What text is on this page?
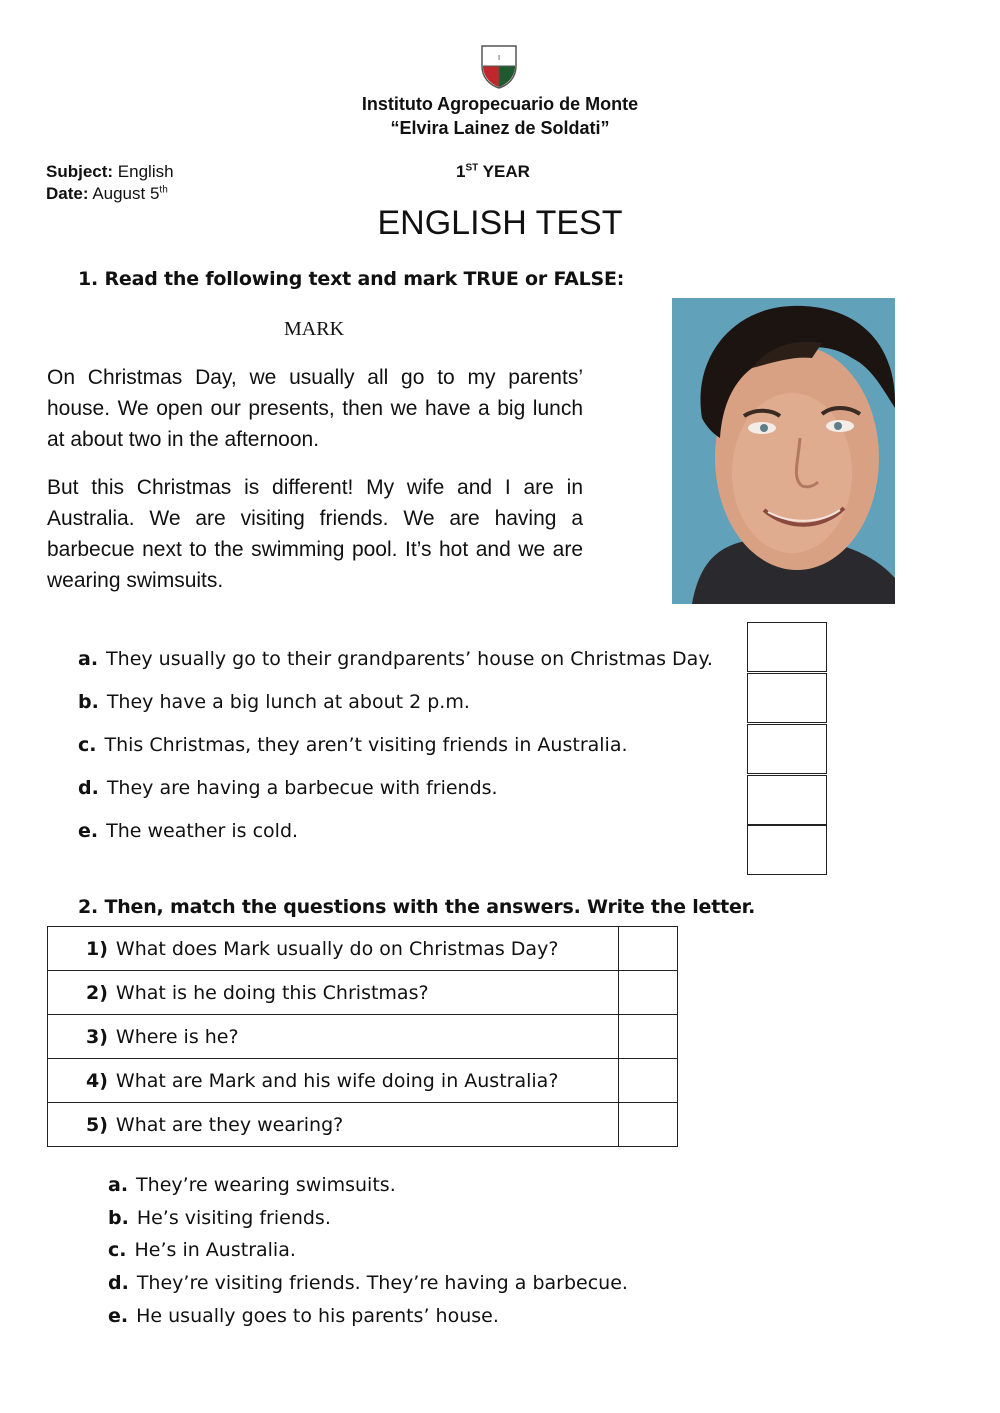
I
Instituto Agropecuario de Monte
“Elvira Lainez de Soldati”
Subject: English
Date: August 5th
1ST YEAR
ENGLISH TEST
1. Read the following text and mark TRUE or FALSE:
MARK
On Christmas Day, we usually all go to my parents’ house. We open our presents, then we have a big lunch at about two in the afternoon.
But this Christmas is different! My wife and I are in Australia. We are visiting friends. We are having a barbecue next to the swimming pool. It’s hot and we are wearing swimsuits.
a. They usually go to their grandparents’ house on Christmas Day.
b. They have a big lunch at about 2 p.m.
c. This Christmas, they aren’t visiting friends in Australia.
d. They are having a barbecue with friends.
e. The weather is cold.
2. Then, match the questions with the answers. Write the letter.
1) What does Mark usually do on Christmas Day?	
2) What is he doing this Christmas?	
3) Where is he?	
4) What are Mark and his wife doing in Australia?	
5) What are they wearing?	
a. They’re wearing swimsuits.
b. He’s visiting friends.
c. He’s in Australia.
d. They’re visiting friends. They’re having a barbecue.
e. He usually goes to his parents’ house.
